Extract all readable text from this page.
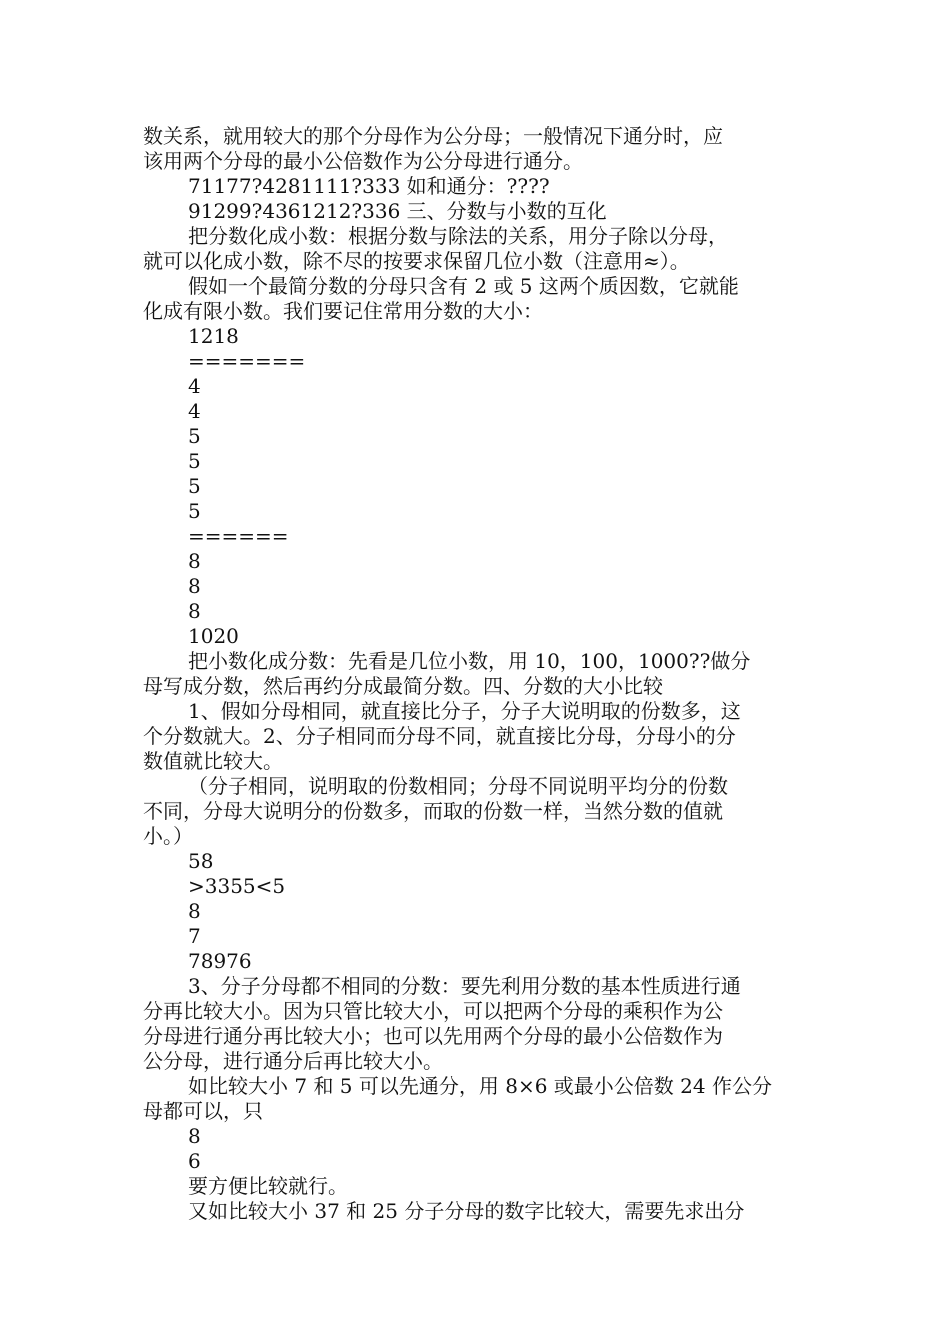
数关系，就用较大的那个分母作为公分母；一般情况下通分时，应
该用两个分母的最小公倍数作为公分母进行通分。
71177?4281111?333 如和通分：????
91299?4361212?336 三、分数与小数的互化
把分数化成小数：根据分数与除法的关系，用分子除以分母，
就可以化成小数，除不尽的按要求保留几位小数（注意用≈）。
假如一个最简分数的分母只含有 2 或 5 这两个质因数，它就能
化成有限小数。我们要记住常用分数的大小：
1218
=======
4
4
5
5
5
5
======
8
8
8
1020
把小数化成分数：先看是几位小数，用 10，100，1000??做分
母写成分数，然后再约分成最简分数。四、分数的大小比较
1、假如分母相同，就直接比分子，分子大说明取的份数多，这
个分数就大。2、分子相同而分母不同，就直接比分母，分母小的分
数值就比较大。
（分子相同，说明取的份数相同；分母不同说明平均分的份数
不同，分母大说明分的份数多，而取的份数一样，当然分数的值就
小。）
58
>3355<5
8
7
78976
3、分子分母都不相同的分数：要先利用分数的基本性质进行通
分再比较大小。因为只管比较大小，可以把两个分母的乘积作为公
分母进行通分再比较大小；也可以先用两个分母的最小公倍数作为
公分母，进行通分后再比较大小。
如比较大小 7 和 5 可以先通分，用 8×6 或最小公倍数 24 作公分
母都可以，只
8
6
要方便比较就行。
又如比较大小 37 和 25 分子分母的数字比较大，需要先求出分
